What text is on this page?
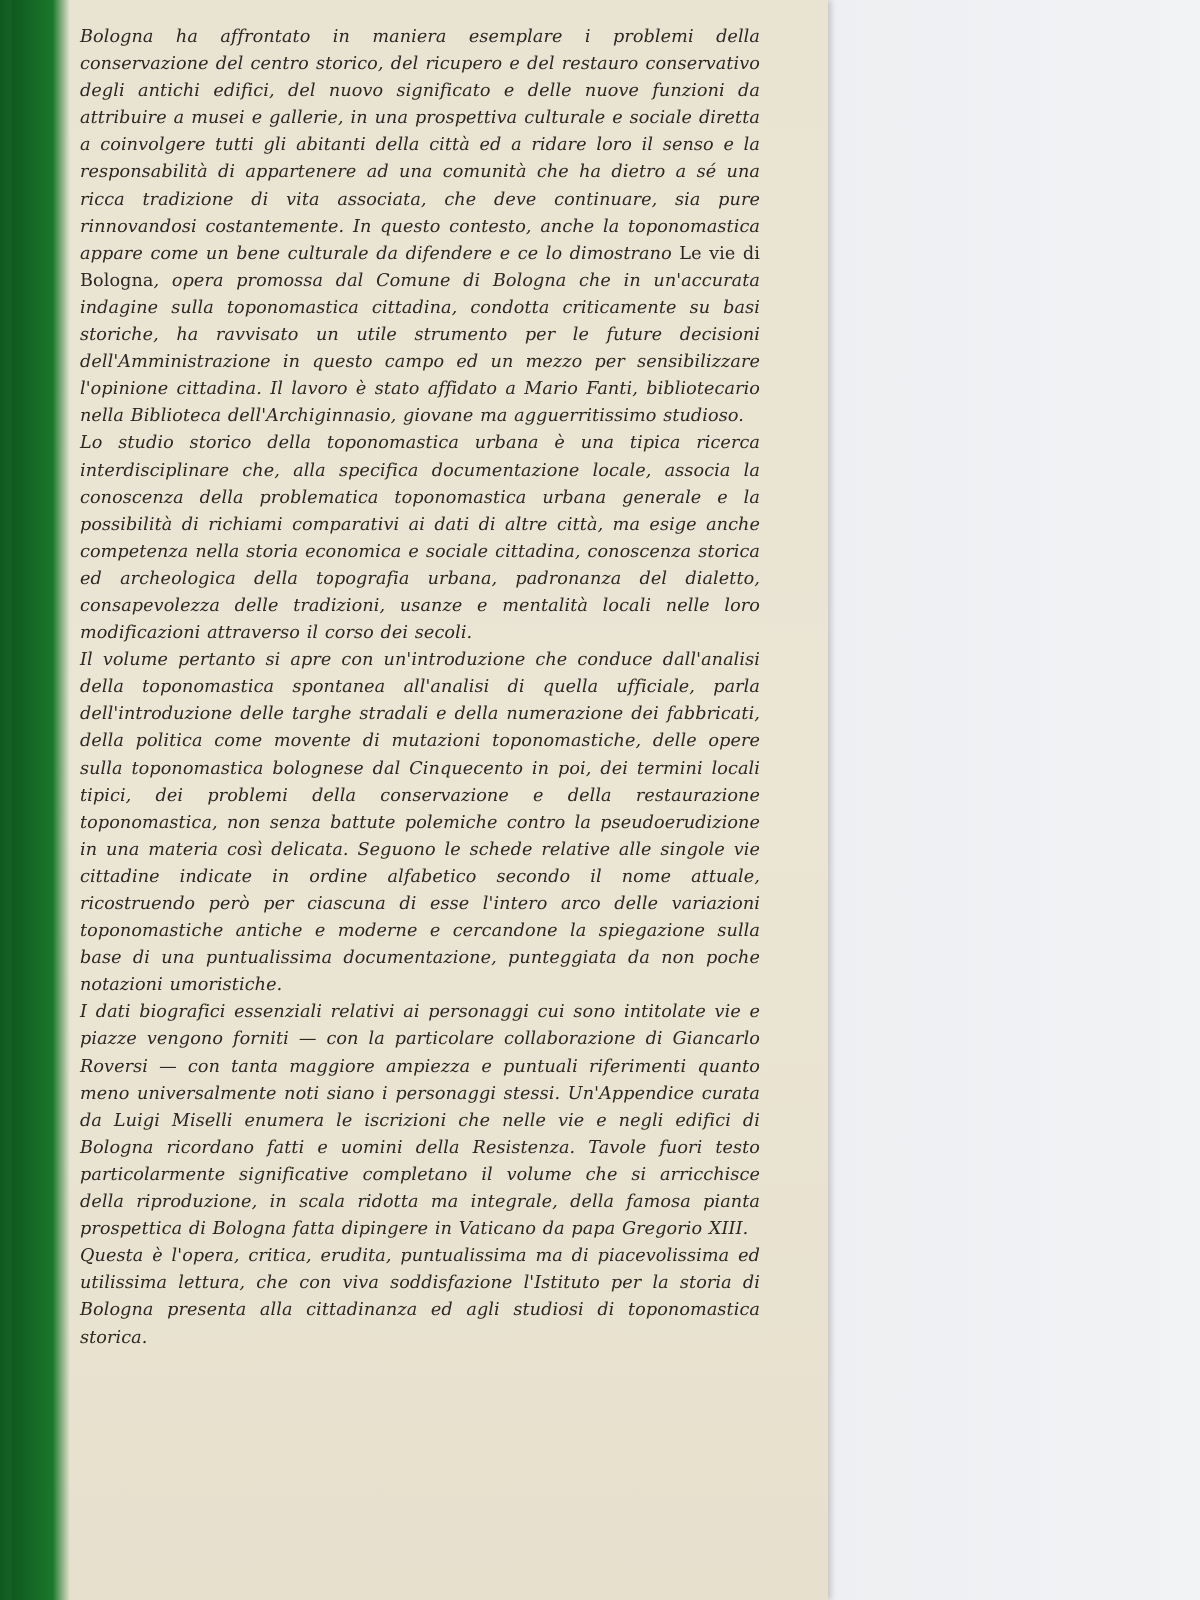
Bologna ha affrontato in maniera esemplare i problemi della conservazione del centro storico, del ricupero e del restauro conservativo degli antichi edifici, del nuovo significato e delle nuove funzioni da attribuire a musei e gallerie, in una prospettiva culturale e sociale diretta a coinvolgere tutti gli abitanti della città ed a ridare loro il senso e la responsabilità di appartenere ad una comunità che ha dietro a sé una ricca tradizione di vita associata, che deve continuare, sia pure rinnovandosi costantemente. In questo contesto, anche la toponomastica appare come un bene culturale da difendere e ce lo dimostrano Le vie di Bologna, opera promossa dal Comune di Bologna che in un'accurata indagine sulla toponomastica cittadina, condotta criticamente su basi storiche, ha ravvisato un utile strumento per le future decisioni dell'Amministrazione in questo campo ed un mezzo per sensibilizzare l'opinione cittadina. Il lavoro è stato affidato a Mario Fanti, bibliotecario nella Biblioteca dell'Archiginnasio, giovane ma agguerritissimo studioso.

Lo studio storico della toponomastica urbana è una tipica ricerca interdisciplinare che, alla specifica documentazione locale, associa la conoscenza della problematica toponomastica urbana generale e la possibilità di richiami comparativi ai dati di altre città, ma esige anche competenza nella storia economica e sociale cittadina, conoscenza storica ed archeologica della topografia urbana, padronanza del dialetto, consapevolezza delle tradizioni, usanze e mentalità locali nelle loro modificazioni attraverso il corso dei secoli.

Il volume pertanto si apre con un'introduzione che conduce dall'analisi della toponomastica spontanea all'analisi di quella ufficiale, parla dell'introduzione delle targhe stradali e della numerazione dei fabbricati, della politica come movente di mutazioni toponomastiche, delle opere sulla toponomastica bolognese dal Cinquecento in poi, dei termini locali tipici, dei problemi della conservazione e della restaurazione toponomastica, non senza battute polemiche contro la pseudoerudizione in una materia così delicata. Seguono le schede relative alle singole vie cittadine indicate in ordine alfabetico secondo il nome attuale, ricostruendo però per ciascuna di esse l'intero arco delle variazioni toponomastiche antiche e moderne e cercandone la spiegazione sulla base di una puntualissima documentazione, punteggiata da non poche notazioni umoristiche.

I dati biografici essenziali relativi ai personaggi cui sono intitolate vie e piazze vengono forniti — con la particolare collaborazione di Giancarlo Roversi — con tanta maggiore ampiezza e puntuali riferimenti quanto meno universalmente noti siano i personaggi stessi. Un'Appendice curata da Luigi Miselli enumera le iscrizioni che nelle vie e negli edifici di Bologna ricordano fatti e uomini della Resistenza. Tavole fuori testo particolarmente significative completano il volume che si arricchisce della riproduzione, in scala ridotta ma integrale, della famosa pianta prospettica di Bologna fatta dipingere in Vaticano da papa Gregorio XIII.

Questa è l'opera, critica, erudita, puntualissima ma di piacevolissima ed utilissima lettura, che con viva soddisfazione l'Istituto per la storia di Bologna presenta alla cittadinanza ed agli studiosi di toponomastica storica.
